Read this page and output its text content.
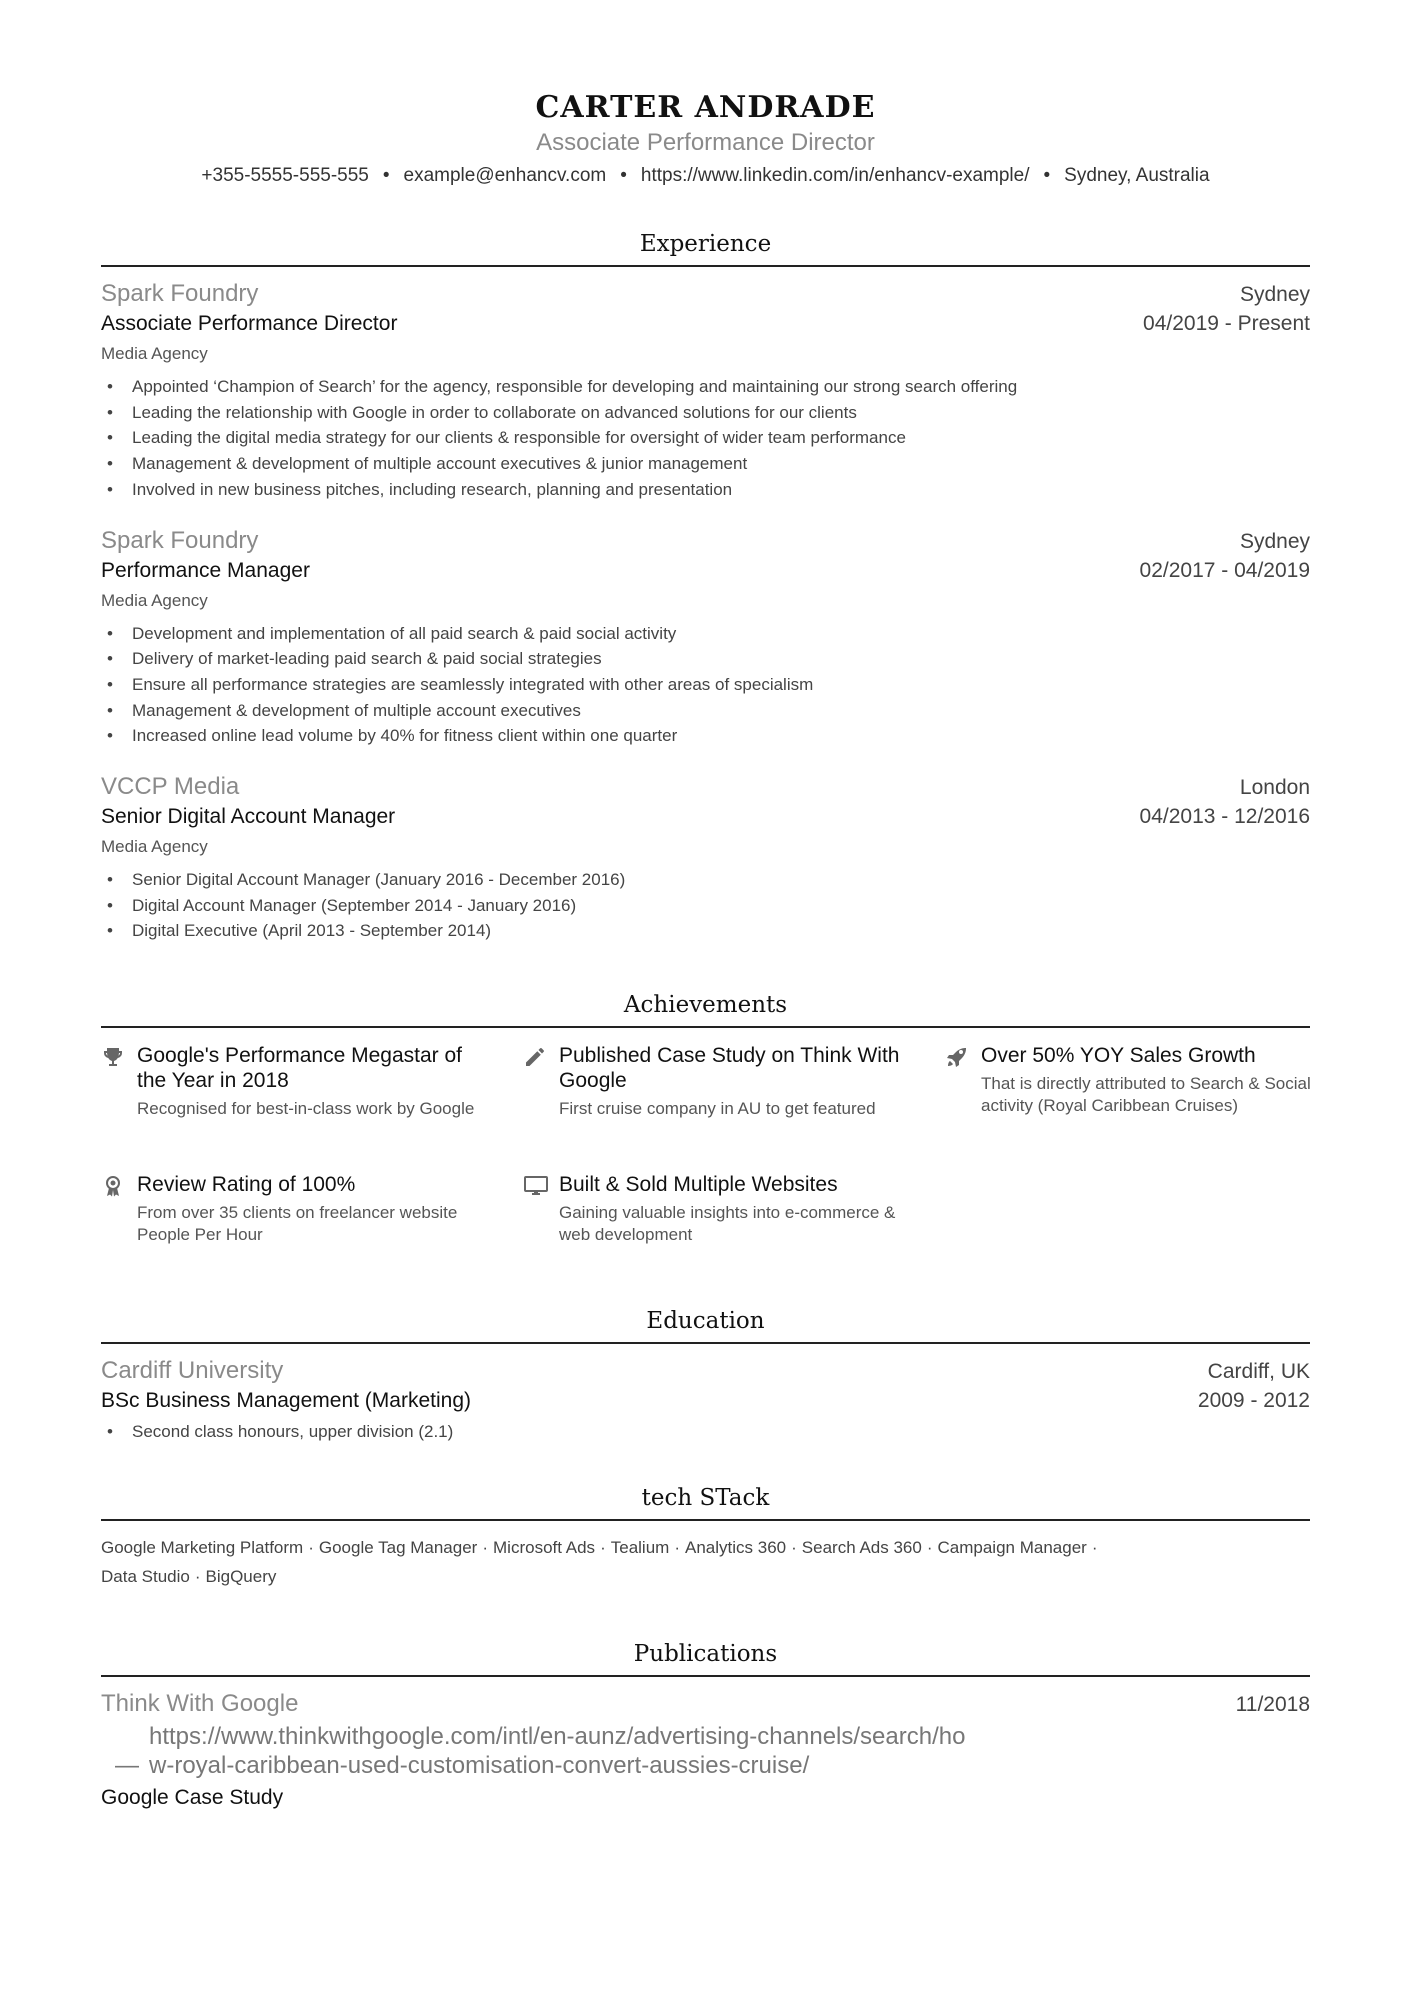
CARTER ANDRADE
Associate Performance Director
+355-5555-555-555 • example@enhancv.com • https://www.linkedin.com/in/enhancv-example/ • Sydney, Australia
Experience
Spark Foundry	Sydney
Associate Performance Director	04/2019 - Present
Media Agency
• Appointed ‘Champion of Search’ for the agency, responsible for developing and maintaining our strong search offering
• Leading the relationship with Google in order to collaborate on advanced solutions for our clients
• Leading the digital media strategy for our clients & responsible for oversight of wider team performance
• Management & development of multiple account executives & junior management
• Involved in new business pitches, including research, planning and presentation
Spark Foundry	Sydney
Performance Manager	02/2017 - 04/2019
Media Agency
• Development and implementation of all paid search & paid social activity
• Delivery of market-leading paid search & paid social strategies
• Ensure all performance strategies are seamlessly integrated with other areas of specialism
• Management & development of multiple account executives
• Increased online lead volume by 40% for fitness client within one quarter
VCCP Media	London
Senior Digital Account Manager	04/2013 - 12/2016
Media Agency
• Senior Digital Account Manager (January 2016 - December 2016)
• Digital Account Manager (September 2014 - January 2016)
• Digital Executive (April 2013 - September 2014)
Achievements
Google's Performance Megastar of the Year in 2018
Recognised for best-in-class work by Google
Published Case Study on Think With Google
First cruise company in AU to get featured
Over 50% YOY Sales Growth
That is directly attributed to Search & Social activity (Royal Caribbean Cruises)
Review Rating of 100%
From over 35 clients on freelancer website People Per Hour
Built & Sold Multiple Websites
Gaining valuable insights into e-commerce & web development
Education
Cardiff University	Cardiff, UK
BSc Business Management (Marketing)	2009 - 2012
• Second class honours, upper division (2.1)
tech STack
Google Marketing Platform · Google Tag Manager · Microsoft Ads · Tealium · Analytics 360 · Search Ads 360 · Campaign Manager ·
Data Studio · BigQuery
Publications
Think With Google	11/2018
—
https://www.thinkwithgoogle.com/intl/en-aunz/advertising-channels/search/how-royal-caribbean-used-customisation-convert-aussies-cruise/
Google Case Study
